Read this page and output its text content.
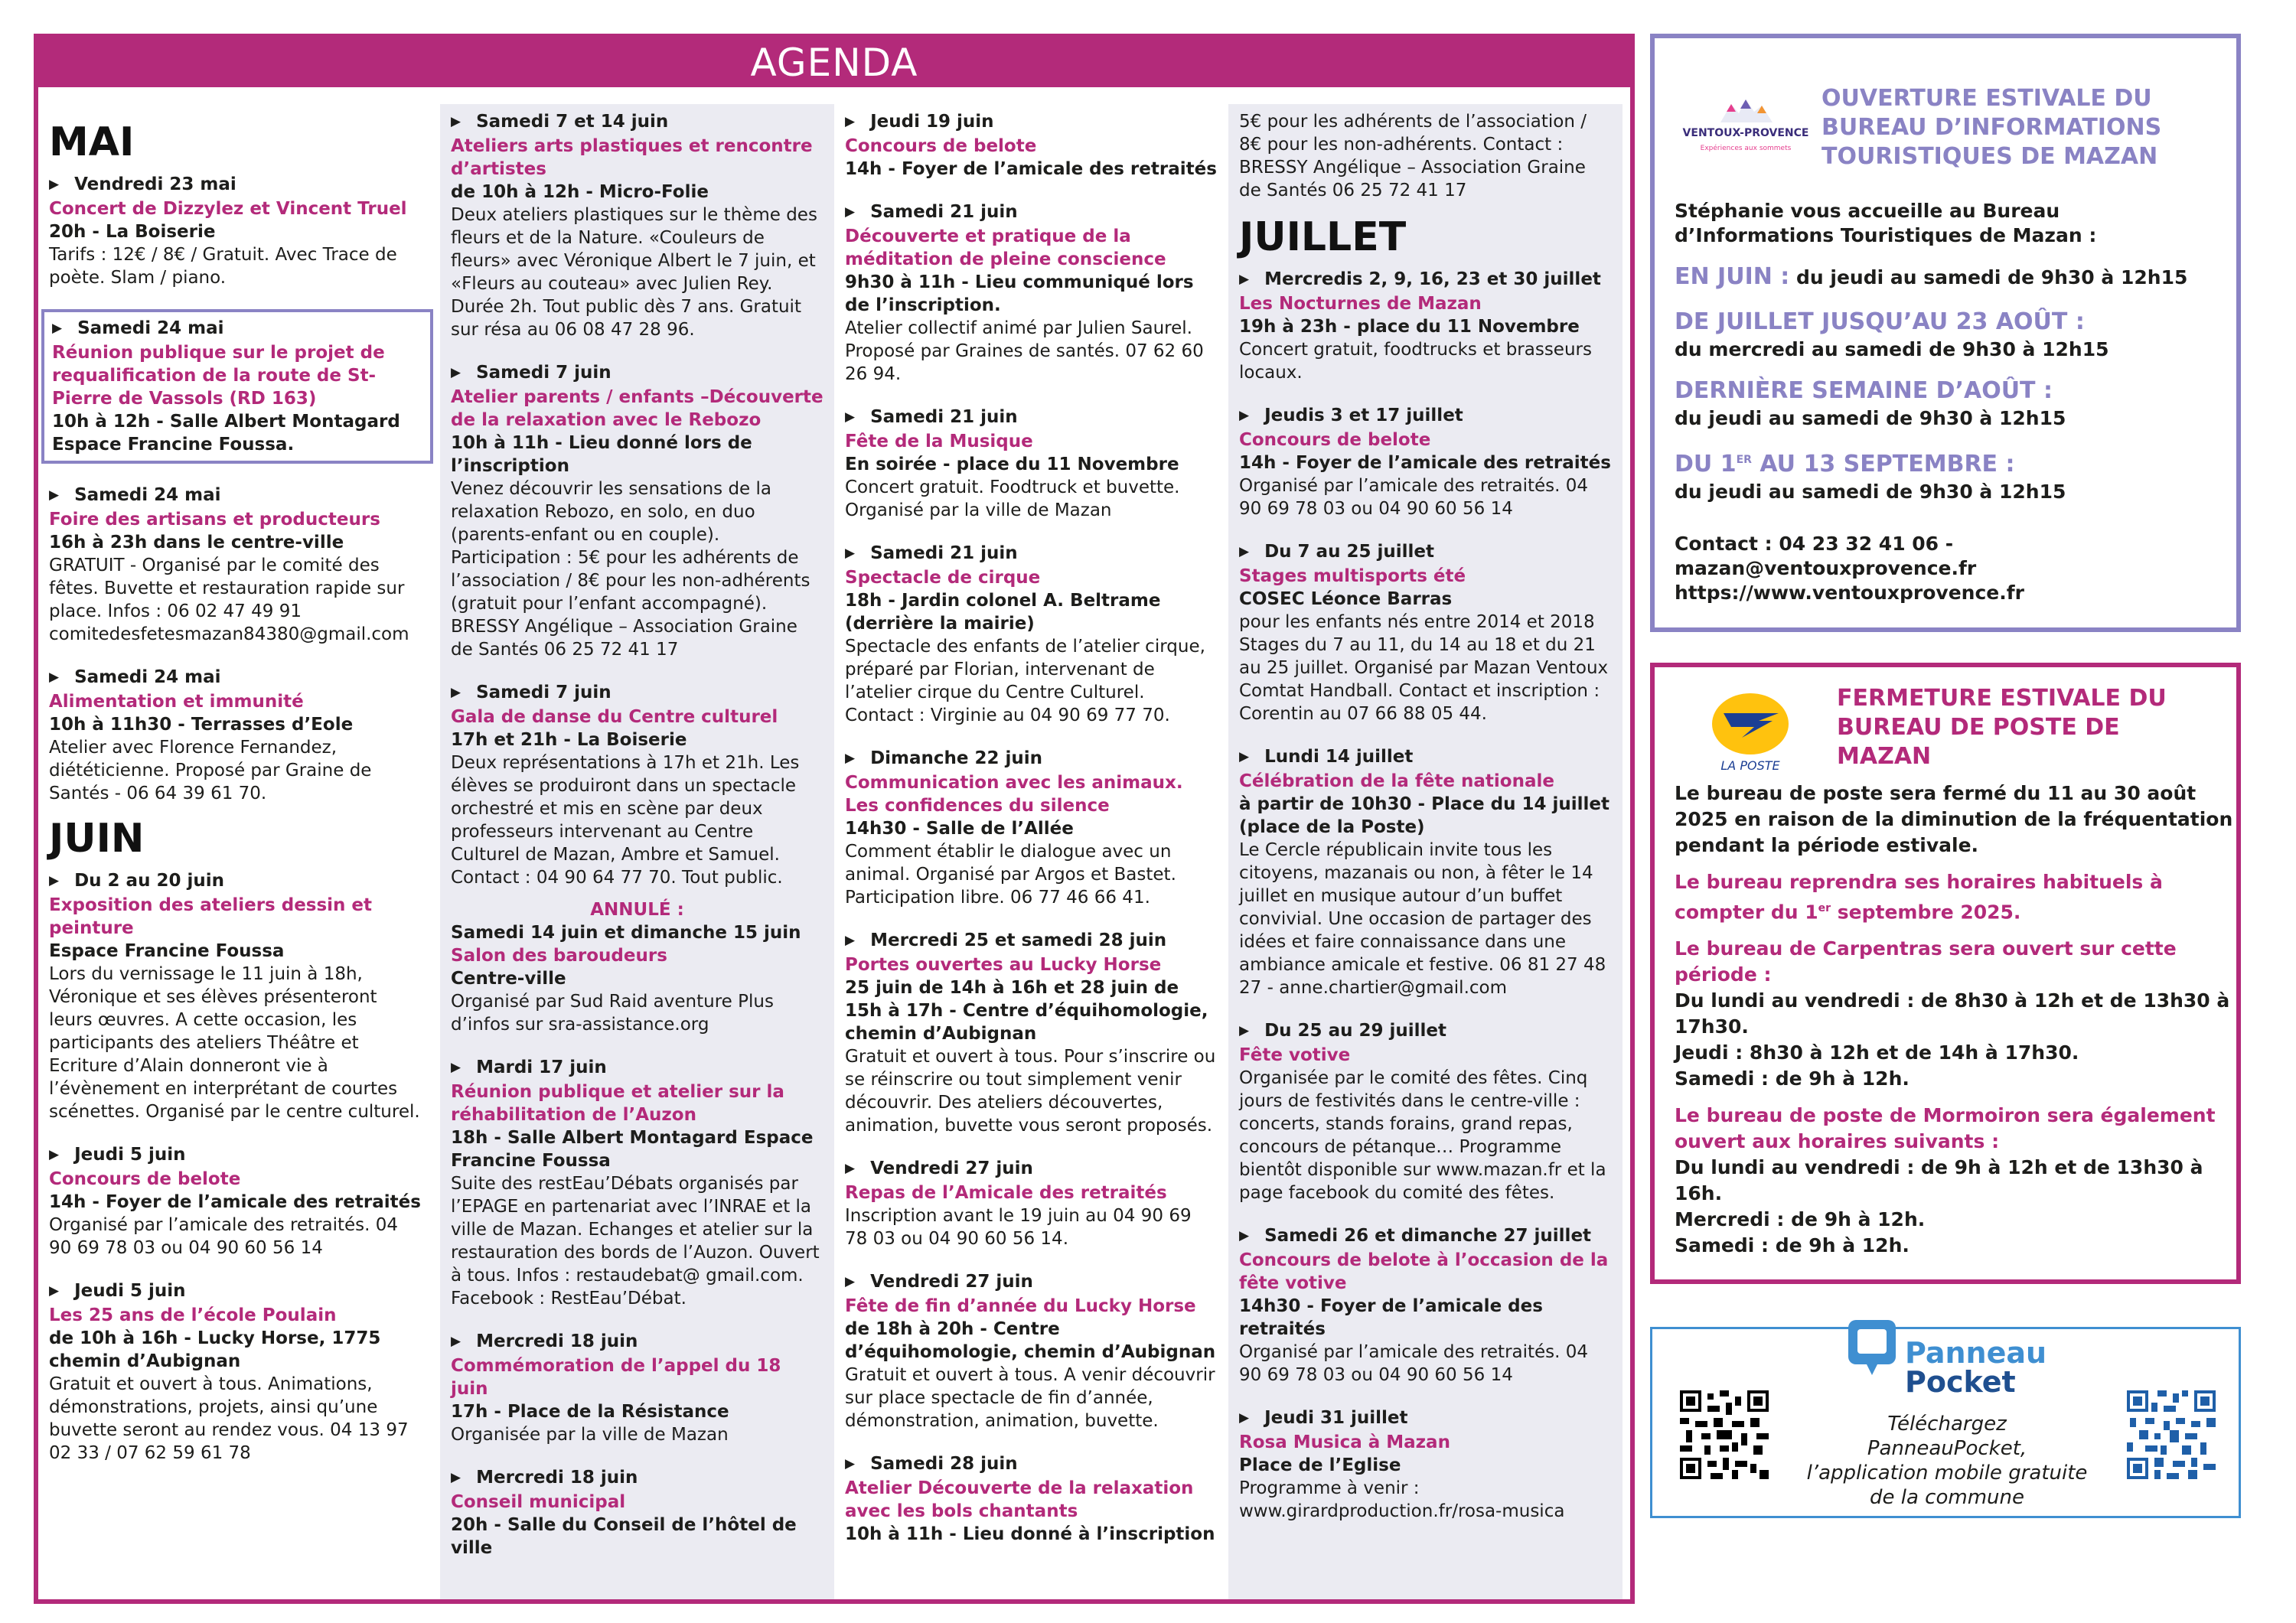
AGENDA
MAI
▶ Vendredi 23 mai
Concert de Dizzylez et Vincent Truel
20h - La Boiserie
Tarifs : 12€ / 8€ / Gratuit. Avec Trace de poète. Slam / piano.
▶ Samedi 24 mai
Réunion publique sur le projet de requalification de la route de St-Pierre de Vassols (RD 163)
10h à 12h - Salle Albert Montagard Espace Francine Foussa.
▶ Samedi 24 mai
Foire des artisans et producteurs
16h à 23h dans le centre-ville
GRATUIT - Organisé par le comité des fêtes. Buvette et restauration rapide sur place. Infos : 06 02 47 49 91 comitedesfetesmazan84380@gmail.com
▶ Samedi 24 mai
Alimentation et immunité
10h à 11h30 - Terrasses d’Eole
Atelier avec Florence Fernandez, diététicienne. Proposé par Graine de Santés - 06 64 39 61 70.
JUIN
▶ Du 2 au 20 juin
Exposition des ateliers dessin et peinture
Espace Francine Foussa
Lors du vernissage le 11 juin à 18h, Véronique et ses élèves présenteront leurs œuvres. A cette occasion, les participants des ateliers Théâtre et Ecriture d’Alain donneront vie à l’évènement en interprétant de courtes scénettes. Organisé par le centre culturel.
▶ Jeudi 5 juin
Concours de belote
14h - Foyer de l’amicale des retraités
Organisé par l’amicale des retraités. 04 90 69 78 03 ou 04 90 60 56 14
▶ Jeudi 5 juin
Les 25 ans de l’école Poulain
de 10h à 16h - Lucky Horse, 1775 chemin d’Aubignan
Gratuit et ouvert à tous. Animations, démonstrations, projets, ainsi qu’une buvette seront au rendez vous. 04 13 97 02 33 / 07 62 59 61 78
▶ Samedi 7 et 14 juin
Ateliers arts plastiques et rencontre d’artistes
de 10h à 12h - Micro-Folie
Deux ateliers plastiques sur le thème des fleurs et de la Nature. «Couleurs de fleurs» avec Véronique Albert le 7 juin, et «Fleurs au couteau» avec Julien Rey. Durée 2h. Tout public dès 7 ans. Gratuit sur résa au 06 08 47 28 96.
▶ Samedi 7 juin
Atelier parents / enfants –Découverte de la relaxation avec le Rebozo
10h à 11h - Lieu donné lors de l’inscription
Venez découvrir les sensations de la relaxation Rebozo, en solo, en duo (parents-enfant ou en couple). Participation : 5€ pour les adhérents de l’association / 8€ pour les non-adhérents (gratuit pour l’enfant accompagné). BRESSY Angélique – Association Graine de Santés 06 25 72 41 17
▶ Samedi 7 juin
Gala de danse du Centre culturel
17h et 21h - La Boiserie
Deux représentations à 17h et 21h. Les élèves se produiront dans un spectacle orchestré et mis en scène par deux professeurs intervenant au Centre Culturel de Mazan, Ambre et Samuel. Contact : 04 90 64 77 70. Tout public.
ANNULÉ :
Samedi 14 juin et dimanche 15 juin
Salon des baroudeurs
Centre-ville
Organisé par Sud Raid aventure Plus d’infos sur sra-assistance.org
▶ Mardi 17 juin
Réunion publique et atelier sur la réhabilitation de l’Auzon
18h - Salle Albert Montagard Espace Francine Foussa
Suite des restEau’Débats organisés par l’EPAGE en partenariat avec l’INRAE et la ville de Mazan. Echanges et atelier sur la restauration des bords de l’Auzon. Ouvert à tous. Infos : restaudebat@ gmail.com. Facebook : RestEau’Débat.
▶ Mercredi 18 juin
Commémoration de l’appel du 18 juin
17h - Place de la Résistance
Organisée par la ville de Mazan
▶ Mercredi 18 juin
Conseil municipal
20h - Salle du Conseil de l’hôtel de ville
▶ Jeudi 19 juin
Concours de belote
14h - Foyer de l’amicale des retraités
▶ Samedi 21 juin
Découverte et pratique de la méditation de pleine conscience
9h30 à 11h - Lieu communiqué lors de l’inscription.
Atelier collectif animé par Julien Saurel. Proposé par Graines de santés. 07 62 60 26 94.
▶ Samedi 21 juin
Fête de la Musique
En soirée - place du 11 Novembre
Concert gratuit. Foodtruck et buvette. Organisé par la ville de Mazan
▶ Samedi 21 juin
Spectacle de cirque
18h - Jardin colonel A. Beltrame (derrière la mairie)
Spectacle des enfants de l’atelier cirque, préparé par Florian, intervenant de l’atelier cirque du Centre Culturel. Contact : Virginie au 04 90 69 77 70.
▶ Dimanche 22 juin
Communication avec les animaux. Les confidences du silence
14h30 - Salle de l’Allée
Comment établir le dialogue avec un animal. Organisé par Argos et Bastet. Participation libre. 06 77 46 66 41.
▶ Mercredi 25 et samedi 28 juin
Portes ouvertes au Lucky Horse
25 juin de 14h à 16h et 28 juin de 15h à 17h - Centre d’équihomologie, chemin d’Aubignan
Gratuit et ouvert à tous. Pour s’inscrire ou se réinscrire ou tout simplement venir découvrir. Des ateliers découvertes, animation, buvette vous seront proposés.
▶ Vendredi 27 juin
Repas de l’Amicale des retraités
Inscription avant le 19 juin au 04 90 69 78 03 ou 04 90 60 56 14.
▶ Vendredi 27 juin
Fête de fin d’année du Lucky Horse
de 18h à 20h - Centre d’équihomologie, chemin d’Aubignan
Gratuit et ouvert à tous. A venir découvrir sur place spectacle de fin d’année, démonstration, animation, buvette.
▶ Samedi 28 juin
Atelier Découverte de la relaxation avec les bols chantants
10h à 11h - Lieu donné à l’inscription
5€ pour les adhérents de l’association / 8€ pour les non-adhérents. Contact : BRESSY Angélique – Association Graine de Santés 06 25 72 41 17
JUILLET
▶ Mercredis 2, 9, 16, 23 et 30 juillet
Les Nocturnes de Mazan
19h à 23h - place du 11 Novembre
Concert gratuit, foodtrucks et brasseurs locaux.
▶ Jeudis 3 et 17 juillet
Concours de belote
14h - Foyer de l’amicale des retraités
Organisé par l’amicale des retraités. 04 90 69 78 03 ou 04 90 60 56 14
▶ Du 7 au 25 juillet
Stages multisports été
COSEC Léonce Barras
pour les enfants nés entre 2014 et 2018 Stages du 7 au 11, du 14 au 18 et du 21 au 25 juillet. Organisé par Mazan Ventoux Comtat Handball. Contact et inscription : Corentin au 07 66 88 05 44.
▶ Lundi 14 juillet
Célébration de la fête nationale
à partir de 10h30 - Place du 14 juillet (place de la Poste)
Le Cercle républicain invite tous les citoyens, mazanais ou non, à fêter le 14 juillet en musique autour d’un buffet convivial. Une occasion de partager des idées et faire connaissance dans une ambiance amicale et festive. 06 81 27 48 27 - anne.chartier@gmail.com
▶ Du 25 au 29 juillet
Fête votive
Organisée par le comité des fêtes. Cinq jours de festivités dans le centre-ville : concerts, stands forains, grand repas, concours de pétanque… Programme bientôt disponible sur www.mazan.fr et la page facebook du comité des fêtes.
▶ Samedi 26 et dimanche 27 juillet
Concours de belote à l’occasion de la fête votive
14h30 - Foyer de l’amicale des retraités
Organisé par l’amicale des retraités. 04 90 69 78 03 ou 04 90 60 56 14
▶ Jeudi 31 juillet
Rosa Musica à Mazan
Place de l’Eglise
Programme à venir : www.girardproduction.fr/rosa-musica
VENTOUX-PROVENCE
Expériences aux sommets
OUVERTURE ESTIVALE DU BUREAU D’INFORMATIONS TOURISTIQUES DE MAZAN
Stéphanie vous accueille au Bureau d’Informations Touristiques de Mazan :
EN JUIN : du jeudi au samedi de 9h30 à 12h15
DE JUILLET JUSQU’AU 23 AOÛT :
du mercredi au samedi de 9h30 à 12h15
DERNIÈRE SEMAINE D’AOÛT :
du jeudi au samedi de 9h30 à 12h15
DU 1ER AU 13 SEPTEMBRE :
du jeudi au samedi de 9h30 à 12h15
Contact : 04 23 32 41 06 - mazan@ventouxprovence.fr
https://www.ventouxprovence.fr
LA POSTE
FERMETURE ESTIVALE DU BUREAU DE POSTE DE MAZAN
Le bureau de poste sera fermé du 11 au 30 août 2025 en raison de la diminution de la fréquentation pendant la période estivale.
Le bureau reprendra ses horaires habituels à compter du 1er septembre 2025.
Le bureau de Carpentras sera ouvert sur cette période :
Du lundi au vendredi : de 8h30 à 12h et de 13h30 à 17h30.
Jeudi : 8h30 à 12h et de 14h à 17h30.
Samedi : de 9h à 12h.
Le bureau de poste de Mormoiron sera également ouvert aux horaires suivants :
Du lundi au vendredi : de 9h à 12h et de 13h30 à 16h.
Mercredi : de 9h à 12h.
Samedi : de 9h à 12h.
Panneau
Pocket
Téléchargez PanneauPocket, l’application mobile gratuite de la commune
